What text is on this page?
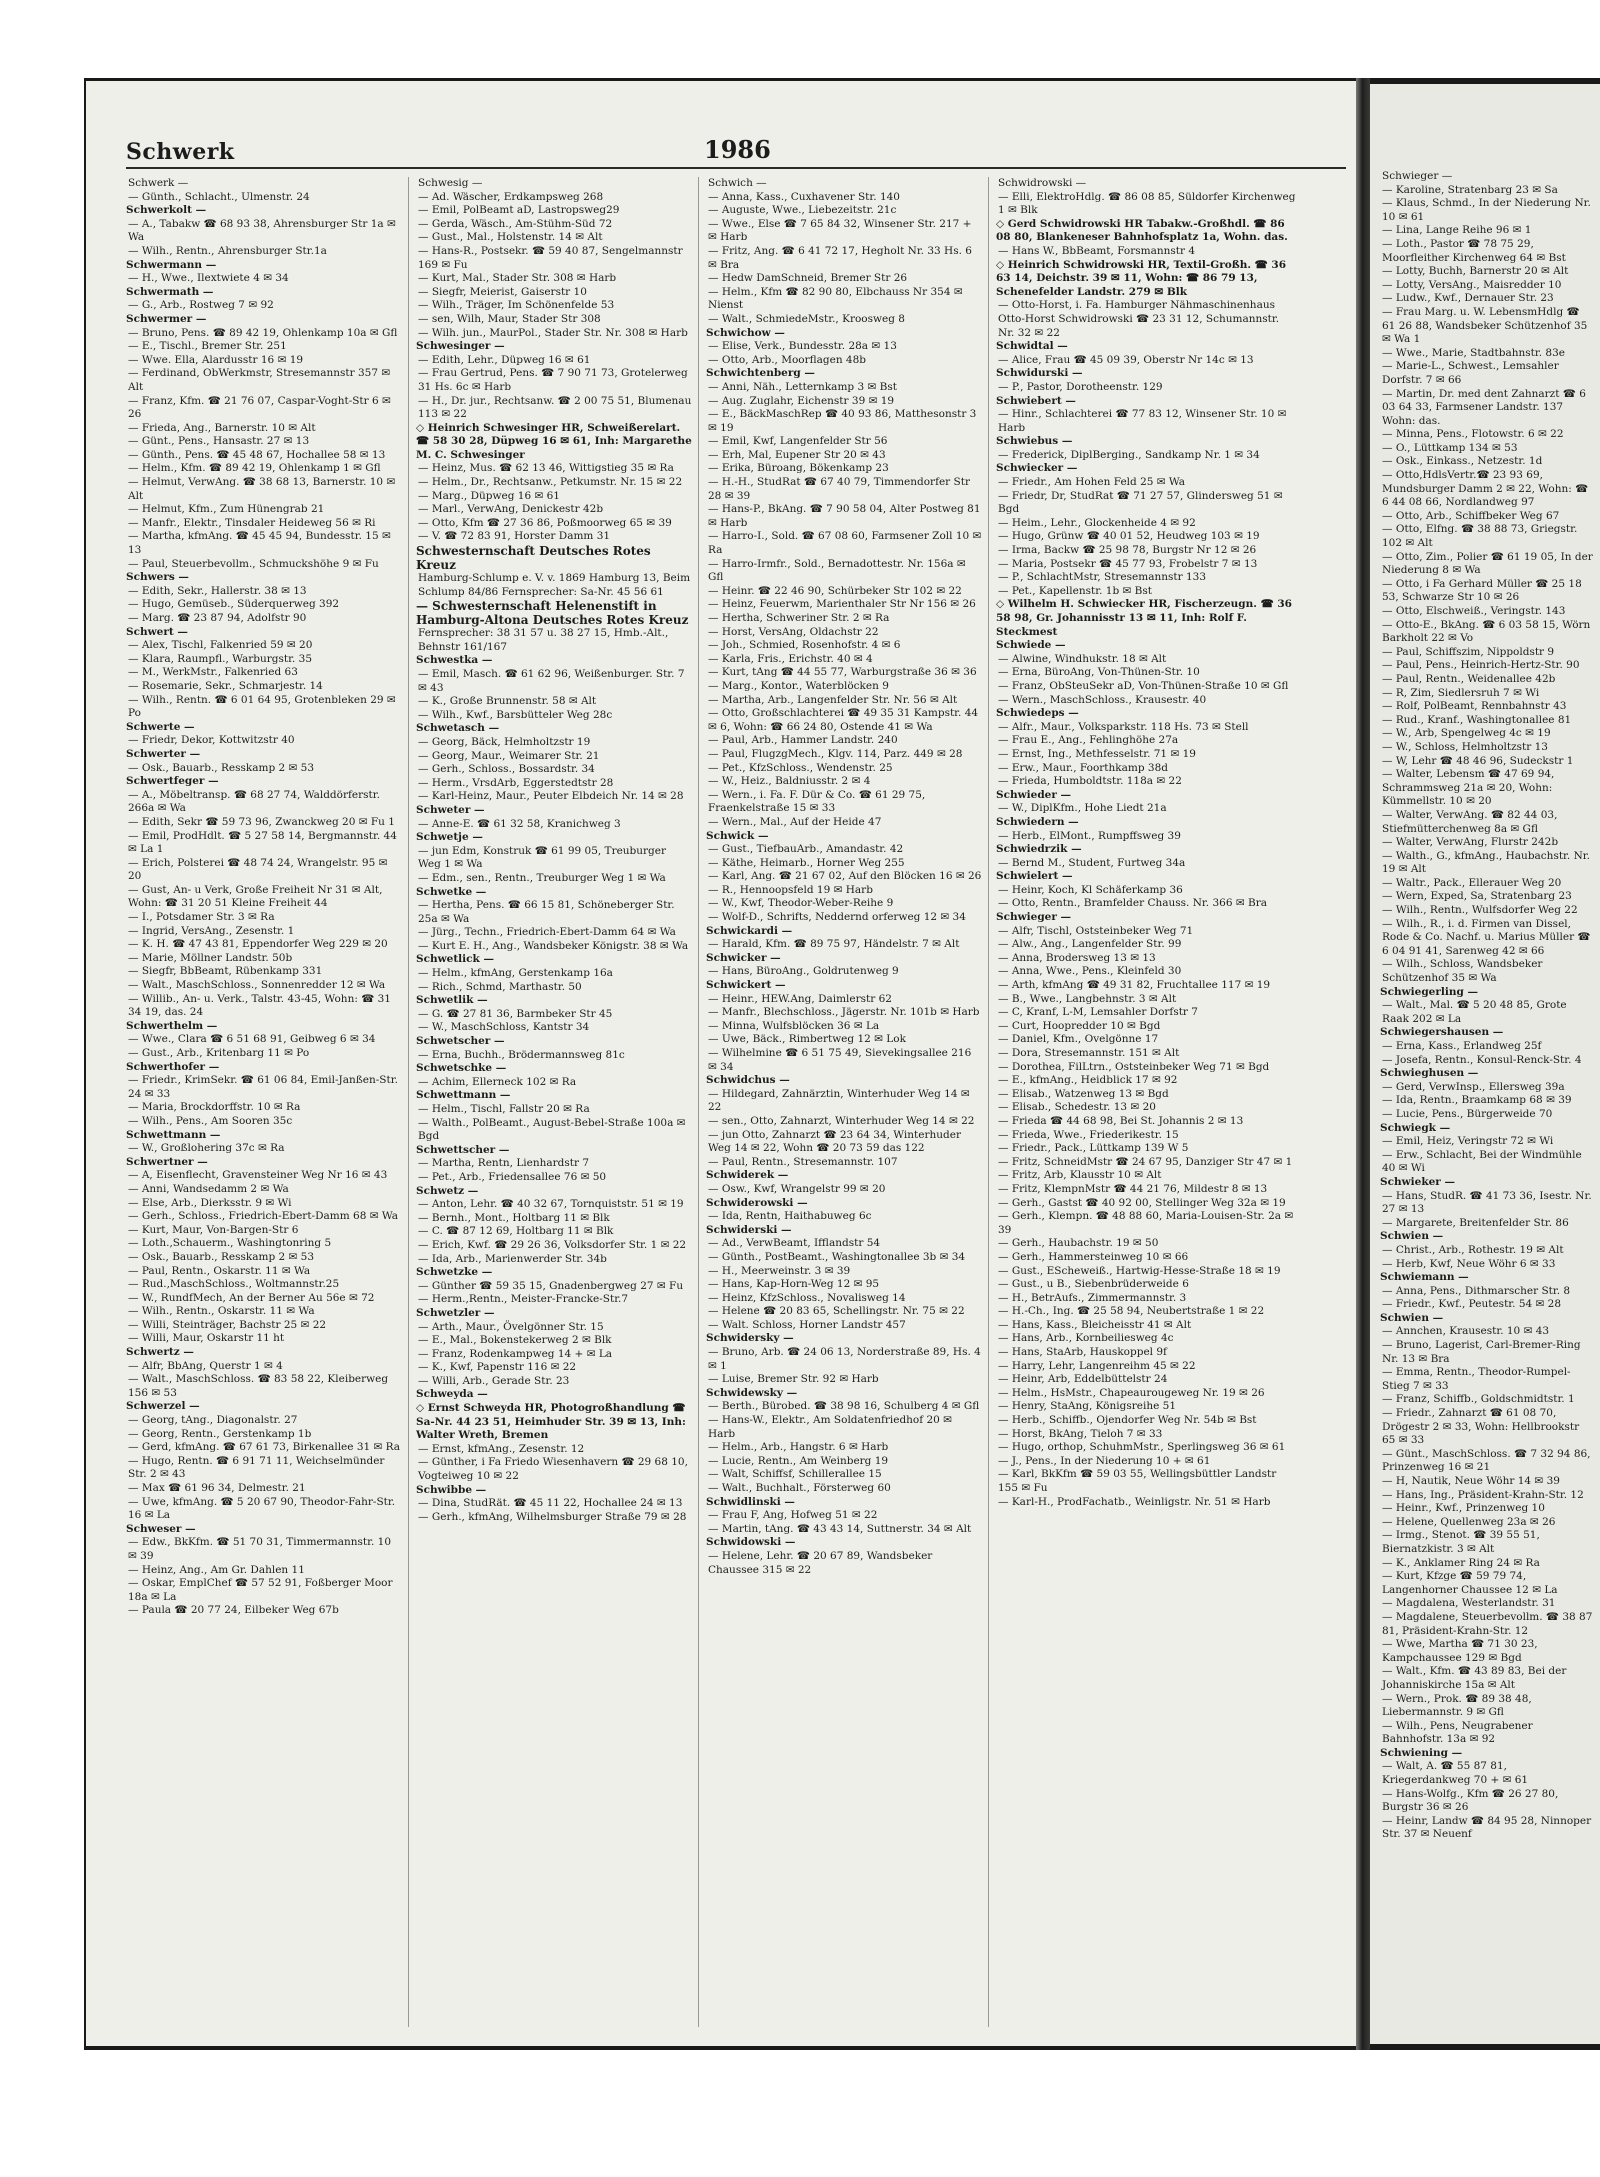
Schwerk	1986

Schwerk —

— Günth., Schlacht., Ulmenstr. 24

Schwerkolt —

— A., Tabakw ☎ 68 93 38, Ahrensburger Str 1a ✉ Wa

— Wilh., Rentn., Ahrensburger Str.1a

Schwermann —

— H., Wwe., Ilextwiete 4 ✉ 34

Schwermath —

— G., Arb., Rostweg 7 ✉ 92

Schwermer —

— Bruno, Pens. ☎ 89 42 19, Ohlenkamp 10a ✉ Gfl

— E., Tischl., Bremer Str. 251

— Wwe. Ella, Alardusstr 16 ✉ 19

— Ferdinand, ObWerkmstr, Stresemannstr 357 ✉ Alt

— Franz, Kfm. ☎ 21 76 07, Caspar-Voght-Str 6 ✉ 26

— Frieda, Ang., Barnerstr. 10 ✉ Alt

— Günt., Pens., Hansastr. 27 ✉ 13

— Günth., Pens. ☎ 45 48 67, Hochallee 58 ✉ 13

— Helm., Kfm. ☎ 89 42 19, Ohlenkamp 1 ✉ Gfl

— Helmut, VerwAng. ☎ 38 68 13, Barnerstr. 10 ✉ Alt

— Helmut, Kfm., Zum Hünengrab 21

— Manfr., Elektr., Tinsdaler Heideweg 56 ✉ Ri

— Martha, kfmAng. ☎ 45 45 94, Bundesstr. 15 ✉ 13

— Paul, Steuerbevollm., Schmuckshöhe 9 ✉ Fu

Schwers —

— Edith, Sekr., Hallerstr. 38 ✉ 13

— Hugo, Gemüseb., Süderquerweg 392

— Marg. ☎ 23 87 94, Adolfstr 90

Schwert —

— Alex, Tischl, Falkenried 59 ✉ 20

— Klara, Raumpfl., Warburgstr. 35

— M., WerkMstr., Falkenried 63

— Rosemarie, Sekr., Schmarjestr. 14

— Wilh., Rentn. ☎ 6 01 64 95, Grotenbleken 29 ✉ Po

Schwerte —

— Friedr, Dekor, Kottwitzstr 40

Schwerter —

— Osk., Bauarb., Resskamp 2 ✉ 53

Schwertfeger —

— A., Möbeltransp. ☎ 68 27 74, Walddörferstr. 266a ✉ Wa

— Edith, Sekr ☎ 59 73 96, Zwanckweg 20 ✉ Fu 1

— Emil, ProdHdlt. ☎ 5 27 58 14, Bergmannstr. 44 ✉ La 1

— Erich, Polsterei ☎ 48 74 24, Wrangelstr. 95 ✉ 20

— Gust, An- u Verk, Große Freiheit Nr 31 ✉ Alt, Wohn: ☎ 31 20 51 Kleine Freiheit 44

— I., Potsdamer Str. 3 ✉ Ra

— Ingrid, VersAng., Zesenstr. 1

— K. H. ☎ 47 43 81, Eppendorfer Weg 229 ✉ 20

— Marie, Möllner Landstr. 50b

— Siegfr, BbBeamt, Rübenkamp 331

— Walt., MaschSchloss., Sonnenredder 12 ✉ Wa

— Willib., An- u. Verk., Talstr. 43-45, Wohn: ☎ 31 34 19, das. 24

Schwerthelm —

— Wwe., Clara ☎ 6 51 68 91, Geibweg 6 ✉ 34

— Gust., Arb., Kritenbarg 11 ✉ Po

Schwerthofer —

— Friedr., KrimSekr. ☎ 61 06 84, Emil-Janßen-Str. 24 ✉ 33

— Maria, Brockdorffstr. 10 ✉ Ra

— Wilh., Pens., Am Sooren 35c

Schwettmann —

— W., Großlohering 37c ✉ Ra

Schwertner —

— A, Eisenflecht, Gravensteiner Weg Nr 16 ✉ 43

— Anni, Wandsedamm 2 ✉ Wa

— Else, Arb., Dierksstr. 9 ✉ Wi

— Gerh., Schloss., Friedrich-Ebert-Damm 68 ✉ Wa

— Kurt, Maur, Von-Bargen-Str 6

— Loth.,Schauerm., Washingtonring 5

— Osk., Bauarb., Resskamp 2 ✉ 53

— Paul, Rentn., Oskarstr. 11 ✉ Wa

— Rud.,MaschSchloss., Woltmannstr.25

— W., RundfMech, An der Berner Au 56e ✉ 72

— Wilh., Rentn., Oskarstr. 11 ✉ Wa

— Willi, Steinträger, Bachstr 25 ✉ 22

— Willi, Maur, Oskarstr 11 ht

Schwertz —

— Alfr, BbAng, Querstr 1 ✉ 4

— Walt., MaschSchloss. ☎ 83 58 22, Kleiberweg 156 ✉ 53

Schwerzel —

— Georg, tAng., Diagonalstr. 27

— Georg, Rentn., Gerstenkamp 1b

— Gerd, kfmAng. ☎ 67 61 73, Birkenallee 31 ✉ Ra

— Hugo, Rentn. ☎ 6 91 71 11, Weichselmünder Str. 2 ✉ 43

— Max ☎ 61 96 34, Delmestr. 21

— Uwe, kfmAng. ☎ 5 20 67 90, Theodor-Fahr-Str. 16 ✉ La

Schweser —

— Edw., BkKfm. ☎ 51 70 31, Timmermannstr. 10 ✉ 39

— Heinz, Ang., Am Gr. Dahlen 11

— Oskar, EmplChef ☎ 57 52 91, Foßberger Moor 18a ✉ La

— Paula ☎ 20 77 24, Eilbeker Weg 67b

Schwesig —

— Ad. Wäscher, Erdkampsweg 268

— Emil, PolBeamt aD, Lastropsweg29

— Gerda, Wäsch., Am-Stühm-Süd 72

— Gust., Mal., Holstenstr. 14 ✉ Alt

— Hans-R., Postsekr. ☎ 59 40 87, Sengelmannstr 169 ✉ Fu

— Kurt, Mal., Stader Str. 308 ✉ Harb

— Siegfr, Meierist, Gaiserstr 10

— Wilh., Träger, Im Schönenfelde 53

— sen, Wilh, Maur, Stader Str 308

— Wilh. jun., MaurPol., Stader Str. Nr. 308 ✉ Harb

Schwesinger —

— Edith, Lehr., Düpweg 16 ✉ 61

— Frau Gertrud, Pens. ☎ 7 90 71 73, Grotelerweg 31 Hs. 6c ✉ Harb

— H., Dr. jur., Rechtsanw. ☎ 2 00 75 51, Blumenau 113 ✉ 22

◇ Heinrich Schwesinger HR, Schweißerelart. ☎ 58 30 28, Düpweg 16 ✉ 61, Inh: Margarethe M. C. Schwesinger

— Heinz, Mus. ☎ 62 13 46, Wittigstieg 35 ✉ Ra

— Helm., Dr., Rechtsanw., Petkumstr. Nr. 15 ✉ 22

— Marg., Düpweg 16 ✉ 61

— Marl., VerwAng, Denickestr 42b

— Otto, Kfm ☎ 27 36 86, Poßmoorweg 65 ✉ 39

— V. ☎ 72 83 91, Horster Damm 31

Schwesternschaft Deutsches Rotes Kreuz

Hamburg-Schlump e. V. v. 1869 Hamburg 13, Beim Schlump 84/86 Fernsprecher: Sa-Nr. 45 56 61

— Schwesternschaft Helenenstift in Hamburg-Altona Deutsches Rotes Kreuz

Fernsprecher: 38 31 57 u. 38 27 15, Hmb.-Alt., Behnstr 161/167

Schwestka —

— Emil, Masch. ☎ 61 62 96, Weißenburger. Str. 7 ✉ 43

— K., Große Brunnenstr. 58 ✉ Alt

— Wilh., Kwf., Barsbütteler Weg 28c

Schwetasch —

— Georg, Bäck, Helmholtzstr 19

— Georg, Maur., Weimarer Str. 21

— Gerh., Schloss., Bossardstr. 34

— Herm., VrsdArb, Eggerstedtstr 28

— Karl-Heinz, Maur., Peuter Elbdeich Nr. 14 ✉ 28

Schweter —

— Anne-E. ☎ 61 32 58, Kranichweg 3

Schwetje —

— jun Edm, Konstruk ☎ 61 99 05, Treuburger Weg 1 ✉ Wa

— Edm., sen., Rentn., Treuburger Weg 1 ✉ Wa

Schwetke —

— Hertha, Pens. ☎ 66 15 81, Schöneberger Str. 25a ✉ Wa

— Jürg., Techn., Friedrich-Ebert-Damm 64 ✉ Wa

— Kurt E. H., Ang., Wandsbeker Königstr. 38 ✉ Wa

Schwetlick —

— Helm., kfmAng, Gerstenkamp 16a

— Rich., Schmd, Marthastr. 50

Schwetlik —

— G. ☎ 27 81 36, Barmbeker Str 45

— W., MaschSchloss, Kantstr 34

Schwetscher —

— Erna, Buchh., Brödermannsweg 81c

Schwetschke —

— Achim, Ellerneck 102 ✉ Ra

Schwettmann —

— Helm., Tischl, Fallstr 20 ✉ Ra

— Walth., PolBeamt., August-Bebel-Straße 100a ✉ Bgd

Schwettscher —

— Martha, Rentn, Lienhardstr 7

— Pet., Arb., Friedensallee 76 ✉ 50

Schwetz —

— Anton, Lehr. ☎ 40 32 67, Tornquiststr. 51 ✉ 19

— Bernh., Mont., Holtbarg 11 ✉ Blk

— C. ☎ 87 12 69, Holtbarg 11 ✉ Blk

— Erich, Kwf. ☎ 29 26 36, Volksdorfer Str. 1 ✉ 22

— Ida, Arb., Marienwerder Str. 34b

Schwetzke —

— Günther ☎ 59 35 15, Gnadenbergweg 27 ✉ Fu

— Herm.,Rentn., Meister-Francke-Str.7

Schwetzler —

— Arth., Maur., Övelgönner Str. 15

— E., Mal., Bokenstekerweg 2 ✉ Blk

— Franz, Rodenkampweg 14 + ✉ La

— K., Kwf, Papenstr 116 ✉ 22

— Willi, Arb., Gerade Str. 23

Schweyda —

◇ Ernst Schweyda HR, Photogroßhandlung ☎ Sa-Nr. 44 23 51, Heimhuder Str. 39 ✉ 13, Inh: Walter Wreth, Bremen

— Ernst, kfmAng., Zesenstr. 12

— Günther, i Fa Friedo Wiesenhavern ☎ 29 68 10, Vogteiweg 10 ✉ 22

Schwibbe —

— Dina, StudRät. ☎ 45 11 22, Hochallee 24 ✉ 13

— Gerh., kfmAng, Wilhelmsburger Straße 79 ✉ 28

Schwich —

— Anna, Kass., Cuxhavener Str. 140

— Auguste, Wwe., Liebezeitstr. 21c

— Wwe., Else ☎ 7 65 84 32, Winsener Str. 217 + ✉ Harb

— Fritz, Ang. ☎ 6 41 72 17, Hegholt Nr. 33 Hs. 6 ✉ Bra

— Hedw DamSchneid, Bremer Str 26

— Helm., Kfm ☎ 82 90 80, Elbchauss Nr 354 ✉ Nienst

— Walt., SchmiedeMstr., Kroosweg 8

Schwichow —

— Elise, Verk., Bundesstr. 28a ✉ 13

— Otto, Arb., Moorflagen 48b

Schwichtenberg —

— Anni, Näh., Letternkamp 3 ✉ Bst

— Aug. Zuglahr, Eichenstr 39 ✉ 19

— E., BäckMaschRep ☎ 40 93 86, Matthesonstr 3 ✉ 19

— Emil, Kwf, Langenfelder Str 56

— Erh, Mal, Eupener Str 20 ✉ 43

— Erika, Büroang, Bökenkamp 23

— H.-H., StudRat ☎ 67 40 79, Timmendorfer Str 28 ✉ 39

— Hans-P., BkAng. ☎ 7 90 58 04, Alter Postweg 81 ✉ Harb

— Harro-I., Sold. ☎ 67 08 60, Farmsener Zoll 10 ✉ Ra

— Harro-Irmfr., Sold., Bernadottestr. Nr. 156a ✉ Gfl

— Heinr. ☎ 22 46 90, Schürbeker Str 102 ✉ 22

— Heinz, Feuerwm, Marienthaler Str Nr 156 ✉ 26

— Hertha, Schweriner Str. 2 ✉ Ra

— Horst, VersAng, Oldachstr 22

— Joh., Schmied, Rosenhofstr. 4 ✉ 6

— Karla, Fris., Erichstr. 40 ✉ 4

— Kurt, tAng ☎ 44 55 77, Warburgstraße 36 ✉ 36

— Marg., Kontor., Waterblöcken 9

— Martha, Arb., Langenfelder Str. Nr. 56 ✉ Alt

— Otto, Großschlachterei ☎ 49 35 31 Kampstr. 44 ✉ 6, Wohn: ☎ 66 24 80, Ostende 41 ✉ Wa

— Paul, Arb., Hammer Landstr. 240

— Paul, FlugzgMech., Klgv. 114, Parz. 449 ✉ 28

— Pet., KfzSchloss., Wendenstr. 25

— W., Heiz., Baldniusstr. 2 ✉ 4

— Wern., i. Fa. F. Dür & Co. ☎ 61 29 75, Fraenkelstraße 15 ✉ 33

— Wern., Mal., Auf der Heide 47

Schwick —

— Gust., TiefbauArb., Amandastr. 42

— Käthe, Heimarb., Horner Weg 255

— Karl, Ang. ☎ 21 67 02, Auf den Blöcken 16 ✉ 26

— R., Hennoopsfeld 19 ✉ Harb

— W., Kwf, Theodor-Weber-Reihe 9

— Wolf-D., Schrifts, Neddernd orferweg 12 ✉ 34

Schwickardi —

— Harald, Kfm. ☎ 89 75 97, Händelstr. 7 ✉ Alt

Schwicker —

— Hans, BüroAng., Goldrutenweg 9

Schwickert —

— Heinr., HEW.Ang, Daimlerstr 62

— Manfr., Blechschloss., Jägerstr. Nr. 101b ✉ Harb

— Minna, Wulfsblöcken 36 ✉ La

— Uwe, Bäck., Rimbertweg 12 ✉ Lok

— Wilhelmine ☎ 6 51 75 49, Sievekingsallee 216 ✉ 34

Schwidchus —

— Hildegard, Zahnärztin, Winterhuder Weg 14 ✉ 22

— sen., Otto, Zahnarzt, Winterhuder Weg 14 ✉ 22

— jun Otto, Zahnarzt ☎ 23 64 34, Winterhuder Weg 14 ✉ 22, Wohn ☎ 20 73 59 das 122

— Paul, Rentn., Stresemannstr. 107

Schwiderek —

— Osw., Kwf, Wrangelstr 99 ✉ 20

Schwiderowski —

— Ida, Rentn, Haithabuweg 6c

Schwiderski —

— Ad., VerwBeamt, Ifflandstr 54

— Günth., PostBeamt., Washingtonallee 3b ✉ 34

— H., Meerweinstr. 3 ✉ 39

— Hans, Kap-Horn-Weg 12 ✉ 95

— Heinz, KfzSchloss., Novalisweg 14

— Helene ☎ 20 83 65, Schellingstr. Nr. 75 ✉ 22

— Walt. Schloss, Horner Landstr 457

Schwidersky —

— Bruno, Arb. ☎ 24 06 13, Norderstraße 89, Hs. 4 ✉ 1

— Luise, Bremer Str. 92 ✉ Harb

Schwidewsky —

— Berth., Bürobed. ☎ 38 98 16, Schulberg 4 ✉ Gfl

— Hans-W., Elektr., Am Soldatenfriedhof 20 ✉ Harb

— Helm., Arb., Hangstr. 6 ✉ Harb

— Lucie, Rentn., Am Weinberg 19

— Walt, Schiffsf, Schillerallee 15

— Walt., Buchhalt., Försterweg 60

Schwidlinski —

— Frau F, Ang, Hofweg 51 ✉ 22

— Martin, tAng. ☎ 43 43 14, Suttnerstr. 34 ✉ Alt

Schwidowski —

— Helene, Lehr. ☎ 20 67 89, Wandsbeker Chaussee 315 ✉ 22

Schwidrowski —

— Elli, ElektroHdlg. ☎ 86 08 85, Süldorfer Kirchenweg 1 ✉ Blk

◇ Gerd Schwidrowski HR Tabakw.-Großhdl. ☎ 86 08 80, Blankeneser Bahnhofsplatz 1a, Wohn. das.

— Hans W., BbBeamt, Forsmannstr 4

◇ Heinrich Schwidrowski HR, Textil-Großh. ☎ 36 63 14, Deichstr. 39 ✉ 11, Wohn: ☎ 86 79 13, Schenefelder Landstr. 279 ✉ Blk

— Otto-Horst, i. Fa. Hamburger Nähmaschinenhaus Otto-Horst Schwidrowski ☎ 23 31 12, Schumannstr. Nr. 32 ✉ 22

Schwidtal —

— Alice, Frau ☎ 45 09 39, Oberstr Nr 14c ✉ 13

Schwidurski —

— P., Pastor, Dorotheenstr. 129

Schwiebert —

— Hinr., Schlachterei ☎ 77 83 12, Winsener Str. 10 ✉ Harb

Schwiebus —

— Frederick, DiplBerging., Sandkamp Nr. 1 ✉ 34

Schwiecker —

— Friedr., Am Hohen Feld 25 ✉ Wa

— Friedr, Dr, StudRat ☎ 71 27 57, Glindersweg 51 ✉ Bgd

— Heim., Lehr., Glockenheide 4 ✉ 92

— Hugo, Grünw ☎ 40 01 52, Heudweg 103 ✉ 19

— Irma, Backw ☎ 25 98 78, Burgstr Nr 12 ✉ 26

— Maria, Postsekr ☎ 45 77 93, Frobelstr 7 ✉ 13

— P., SchlachtMstr, Stresemannstr 133

— Pet., Kapellenstr. 1b ✉ Bst

◇ Wilhelm H. Schwiecker HR, Fischerzeugn. ☎ 36 58 98, Gr. Johannisstr 13 ✉ 11, Inh: Rolf F. Steckmest

Schwiede —

— Alwine, Windhukstr. 18 ✉ Alt

— Erna, BüroAng, Von-Thünen-Str. 10

— Franz, ObSteuSekr aD, Von-Thünen-Straße 10 ✉ Gfl

— Wern., MaschSchloss., Krausestr. 40

Schwiedeps —

— Alfr., Maur., Volksparkstr. 118 Hs. 73 ✉ Stell

— Frau E., Ang., Fehlinghöhe 27a

— Ernst, Ing., Methfesselstr. 71 ✉ 19

— Erw., Maur., Foorthkamp 38d

— Frieda, Humboldtstr. 118a ✉ 22

Schwieder —

— W., DiplKfm., Hohe Liedt 21a

Schwiedern —

— Herb., ElMont., Rumpffsweg 39

Schwiedrzik —

— Bernd M., Student, Furtweg 34a

Schwielert —

— Heinr, Koch, Kl Schäferkamp 36

— Otto, Rentn., Bramfelder Chauss. Nr. 366 ✉ Bra

Schwieger —

— Alfr, Tischl, Oststeinbeker Weg 71

— Alw., Ang., Langenfelder Str. 99

— Anna, Brodersweg 13 ✉ 13

— Anna, Wwe., Pens., Kleinfeld 30

— Arth, kfmAng ☎ 49 31 82, Fruchtallee 117 ✉ 19

— B., Wwe., Langbehnstr. 3 ✉ Alt

— C, Kranf, L-M, Lemsahler Dorfstr 7

— Curt, Hoopredder 10 ✉ Bgd

— Daniel, Kfm., Ovelgönne 17

— Dora, Stresemannstr. 151 ✉ Alt

— Dorothea, FilLtrn., Oststeinbeker Weg 71 ✉ Bgd

— E., kfmAng., Heidblick 17 ✉ 92

— Elisab., Watzenweg 13 ✉ Bgd

— Elisab., Schedestr. 13 ✉ 20

— Frieda ☎ 44 68 98, Bei St. Johannis 2 ✉ 13

— Frieda, Wwe., Friederikestr. 15

— Friedr., Pack., Lüttkamp 139 W 5

— Fritz, SchneidMstr ☎ 24 67 95, Danziger Str 47 ✉ 1

— Fritz, Arb, Klausstr 10 ✉ Alt

— Fritz, KlempnMstr ☎ 44 21 76, Mildestr 8 ✉ 13

— Gerh., Gastst ☎ 40 92 00, Stellinger Weg 32a ✉ 19

— Gerh., Klempn. ☎ 48 88 60, Maria-Louisen-Str. 2a ✉ 39

— Gerh., Haubachstr. 19 ✉ 50

— Gerh., Hammersteinweg 10 ✉ 66

— Gust., EScheweiß., Hartwig-Hesse-Straße 18 ✉ 19

— Gust., u B., Siebenbrüderweide 6

— H., BetrAufs., Zimmermannstr. 3

— H.-Ch., Ing. ☎ 25 58 94, Neubertstraße 1 ✉ 22

— Hans, Kass., Bleicheisstr 41 ✉ Alt

— Hans, Arb., Kornbeiliesweg 4c

— Hans, StaArb, Hauskoppel 9f

— Harry, Lehr, Langenreihm 45 ✉ 22

— Heinr, Arb, Eddelbüttelstr 24

— Helm., HsMstr., Chapeaurougeweg Nr. 19 ✉ 26

— Henry, StaAng, Königsreihe 51

— Herb., Schiffb., Ojendorfer Weg Nr. 54b ✉ Bst

— Horst, BkAng, Tieloh 7 ✉ 33

— Hugo, orthop, SchuhmMstr., Sperlingsweg 36 ✉ 61

— J., Pens., In der Niederung 10 + ✉ 61

— Karl, BkKfm ☎ 59 03 55, Wellingsbüttler Landstr 155 ✉ Fu

— Karl-H., ProdFachatb., Weinligstr. Nr. 51 ✉ Harb

Schwieger —

— Karoline, Stratenbarg 23 ✉ Sa

— Klaus, Schmd., In der Niederung Nr. 10 ✉ 61

— Lina, Lange Reihe 96 ✉ 1

— Loth., Pastor ☎ 78 75 29, Moorfleither Kirchenweg 64 ✉ Bst

— Lotty, Buchh, Barnerstr 20 ✉ Alt

— Lotty, VersAng., Maisredder 10

— Ludw., Kwf., Dernauer Str. 23

— Frau Marg. u. W. LebensmHdlg ☎ 61 26 88, Wandsbeker Schützenhof 35 ✉ Wa 1

— Wwe., Marie, Stadtbahnstr. 83e

— Marie-L., Schwest., Lemsahler Dorfstr. 7 ✉ 66

— Martin, Dr. med dent Zahnarzt ☎ 6 03 64 33, Farmsener Landstr. 137 Wohn: das.

— Minna, Pens., Flotowstr. 6 ✉ 22

— O., Lüttkamp 134 ✉ 53

— Osk., Einkass., Netzestr. 1d

— Otto,HdlsVertr.☎ 23 93 69, Mundsburger Damm 2 ✉ 22, Wohn: ☎ 6 44 08 66, Nordlandweg 97

— Otto, Arb., Schiffbeker Weg 67

— Otto, Elfng. ☎ 38 88 73, Griegstr. 102 ✉ Alt

— Otto, Zim., Polier ☎ 61 19 05, In der Niederung 8 ✉ Wa

— Otto, i Fa Gerhard Müller ☎ 25 18 53, Schwarze Str 10 ✉ 26

— Otto, Elschweiß., Veringstr. 143

— Otto-E., BkAng. ☎ 6 03 58 15, Wörn Barkholt 22 ✉ Vo

— Paul, Schiffszim, Nippoldstr 9

— Paul, Pens., Heinrich-Hertz-Str. 90

— Paul, Rentn., Weidenallee 42b

— R, Zim, Siedlersruh 7 ✉ Wi

— Rolf, PolBeamt, Rennbahnstr 43

— Rud., Kranf., Washingtonallee 81

— W., Arb, Spengelweg 4c ✉ 19

— W., Schloss, Helmholtzstr 13

— W, Lehr ☎ 48 46 96, Sudeckstr 1

— Walter, Lebensm ☎ 47 69 94, Schrammsweg 21a ✉ 20, Wohn: Kümmellstr. 10 ✉ 20

— Walter, VerwAng. ☎ 82 44 03, Stiefmütterchenweg 8a ✉ Gfl

— Walter, VerwAng, Flurstr 242b

— Walth., G., kfmAng., Haubachstr. Nr. 19 ✉ Alt

— Waltr., Pack., Ellerauer Weg 20

— Wern, Exped, Sa, Stratenbarg 23

— Wilh., Rentn., Wulfsdorfer Weg 22

— Wilh., R., i. d. Firmen van Dissel, Rode & Co. Nachf. u. Marius Müller ☎ 6 04 91 41, Sarenweg 42 ✉ 66

— Wilh., Schloss, Wandsbeker Schützenhof 35 ✉ Wa

Schwiegerling —

— Walt., Mal. ☎ 5 20 48 85, Grote Raak 202 ✉ La

Schwiegershausen —

— Erna, Kass., Erlandweg 25f

— Josefa, Rentn., Konsul-Renck-Str. 4

Schwieghusen —

— Gerd, VerwInsp., Ellersweg 39a

— Ida, Rentn., Braamkamp 68 ✉ 39

— Lucie, Pens., Bürgerweide 70

Schwiegk —

— Emil, Heiz, Veringstr 72 ✉ Wi

— Erw., Schlacht, Bei der Windmühle 40 ✉ Wi

Schwieker —

— Hans, StudR. ☎ 41 73 36, Isestr. Nr. 27 ✉ 13

— Margarete, Breitenfelder Str. 86

Schwien —

— Christ., Arb., Rothestr. 19 ✉ Alt

— Herb, Kwf, Neue Wöhr 6 ✉ 33

Schwiemann —

— Anna, Pens., Dithmarscher Str. 8

— Friedr., Kwf., Peutestr. 54 ✉ 28

Schwien —

— Annchen, Krausestr. 10 ✉ 43

— Bruno, Lagerist, Carl-Bremer-Ring Nr. 13 ✉ Bra

— Emma, Rentn., Theodor-Rumpel-Stieg 7 ✉ 33

— Franz, Schiffb., Goldschmidtstr. 1

— Friedr., Zahnarzt ☎ 61 08 70, Drögestr 2 ✉ 33, Wohn: Hellbrookstr 65 ✉ 33

— Günt., MaschSchloss. ☎ 7 32 94 86, Prinzenweg 16 ✉ 21

— H, Nautik, Neue Wöhr 14 ✉ 39

— Hans, Ing., Präsident-Krahn-Str. 12

— Heinr., Kwf., Prinzenweg 10

— Helene, Quellenweg 23a ✉ 26

— Irmg., Stenot. ☎ 39 55 51, Biernatzkistr. 3 ✉ Alt

— K., Anklamer Ring 24 ✉ Ra

— Kurt, Kfzge ☎ 59 79 74, Langenhorner Chaussee 12 ✉ La

— Magdalena, Westerlandstr. 31

— Magdalene, Steuerbevollm. ☎ 38 87 81, Präsident-Krahn-Str. 12

— Wwe, Martha ☎ 71 30 23, Kampchaussee 129 ✉ Bgd

— Walt., Kfm. ☎ 43 89 83, Bei der Johanniskirche 15a ✉ Alt

— Wern., Prok. ☎ 89 38 48, Liebermannstr. 9 ✉ Gfl

— Wilh., Pens, Neugrabener Bahnhofstr. 13a ✉ 92

Schwiening —

— Walt, A. ☎ 55 87 81, Kriegerdankweg 70 + ✉ 61

— Hans-Wolfg., Kfm ☎ 26 27 80, Burgstr 36 ✉ 26

— Heinr, Landw ☎ 84 95 28, Ninnoper Str. 37 ✉ Neuenf
